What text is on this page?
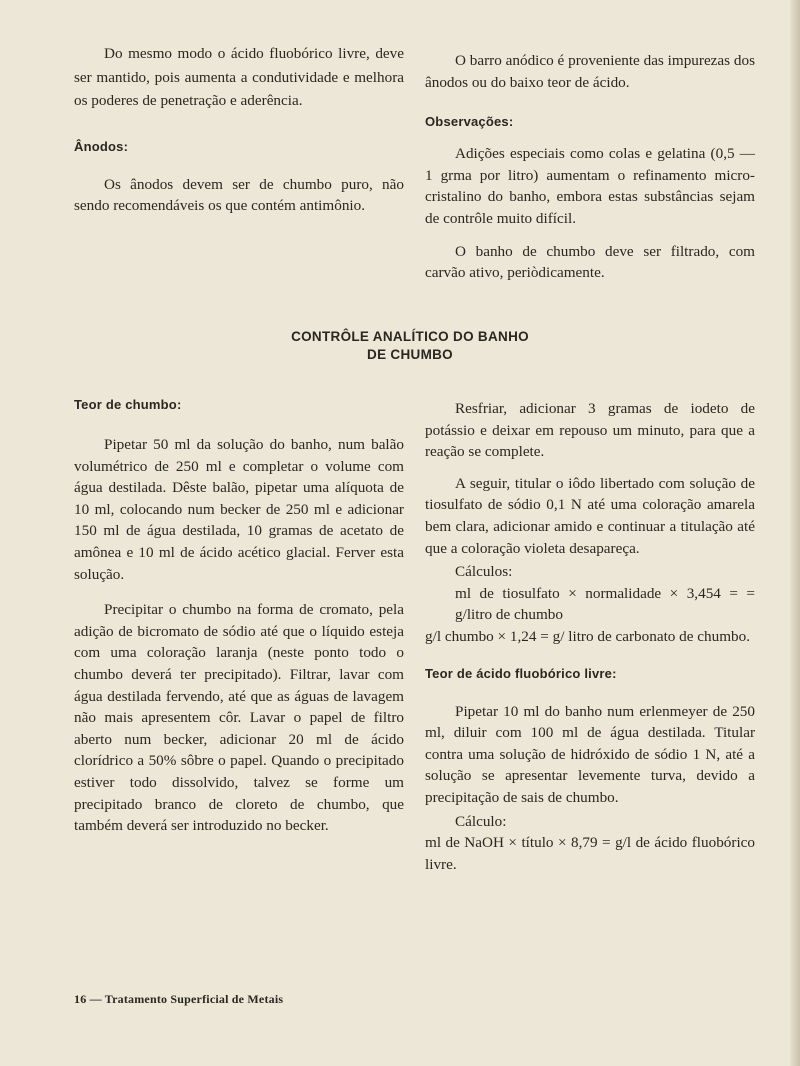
Do mesmo modo o ácido fluobórico livre, deve ser mantido, pois aumenta a condutividade e melhora os poderes de penetração e aderência.

Ânodos:

Os ânodos devem ser de chumbo puro, não sendo recomendáveis os que contém antimônio.

O barro anódico é proveniente das impurezas dos ânodos ou do baixo teor de ácido.

Observações:

Adições especiais como colas e gelatina (0,5 — 1 grma por litro) aumentam o refinamento micro-cristalino do banho, embora estas substâncias sejam de contrôle muito difícil.

O banho de chumbo deve ser filtrado, com carvão ativo, periòdicamente.

CONTRÔLE ANALÍTICO DO BANHO
DE CHUMBO

Teor de chumbo:

Pipetar 50 ml da solução do banho, num balão volumétrico de 250 ml e completar o volume com água destilada. Dêste balão, pipetar uma alíquota de 10 ml, colocando num becker de 250 ml e adicionar 150 ml de água destilada, 10 gramas de acetato de amônea e 10 ml de ácido acético glacial. Ferver esta solução.

Precipitar o chumbo na forma de cromato, pela adição de bicromato de sódio até que o líquido esteja com uma coloração laranja (neste ponto todo o chumbo deverá ter precipitado). Filtrar, lavar com água destilada fervendo, até que as águas de lavagem não mais apresentem côr. Lavar o papel de filtro aberto num becker, adicionar 20 ml de ácido clorídrico a 50% sôbre o papel. Quando o precipitado estiver todo dissolvido, talvez se forme um precipitado branco de cloreto de chumbo, que também deverá ser introduzido no becker.

Resfriar, adicionar 3 gramas de iodeto de potássio e deixar em repouso um minuto, para que a reação se complete.

A seguir, titular o iôdo libertado com solução de tiosulfato de sódio 0,1 N até uma coloração amarela bem clara, adicionar amido e continuar a titulação até que a coloração violeta desapareça.

Cálculos:

ml de tiosulfato × normalidade × 3,454 = = g/litro de chumbo

g/l chumbo × 1,24 = g/ litro de carbonato de chumbo.

Teor de ácido fluobórico livre:

Pipetar 10 ml do banho num erlenmeyer de 250 ml, diluir com 100 ml de água destilada. Titular contra uma solução de hidróxido de sódio 1 N, até a solução se apresentar levemente turva, devido a precipitação de sais de chumbo.

Cálculo:

ml de NaOH × título × 8,79 = g/l de ácido fluobórico livre.

16 — Tratamento Superficial de Metais
